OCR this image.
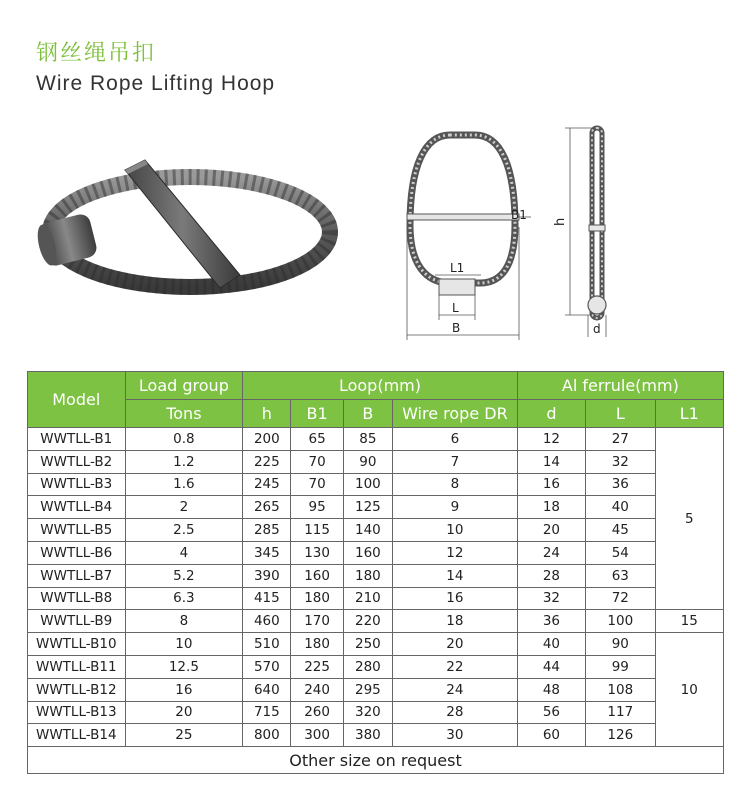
钢丝绳吊扣
Wire Rope Lifting Hoop
B1
L1
L
B
h
d
Model	Load group	Loop(mm)				Al ferrule(mm)		
	Tons	h	B1	B	Wire rope DR	d	L	L1
WWTLL-B1	0.8	200	65	85	6	12	27	5
WWTLL-B2	1.2	225	70	90	7	14	32	
WWTLL-B3	1.6	245	70	100	8	16	36	
WWTLL-B4	2	265	95	125	9	18	40	
WWTLL-B5	2.5	285	115	140	10	20	45	
WWTLL-B6	4	345	130	160	12	24	54	
WWTLL-B7	5.2	390	160	180	14	28	63	
WWTLL-B8	6.3	415	180	210	16	32	72	
WWTLL-B9	8	460	170	220	18	36	100	15
WWTLL-B10	10	510	180	250	20	40	90	10
WWTLL-B11	12.5	570	225	280	22	44	99	
WWTLL-B12	16	640	240	295	24	48	108	
WWTLL-B13	20	715	260	320	28	56	117	
WWTLL-B14	25	800	300	380	30	60	126	
Other size on request								
